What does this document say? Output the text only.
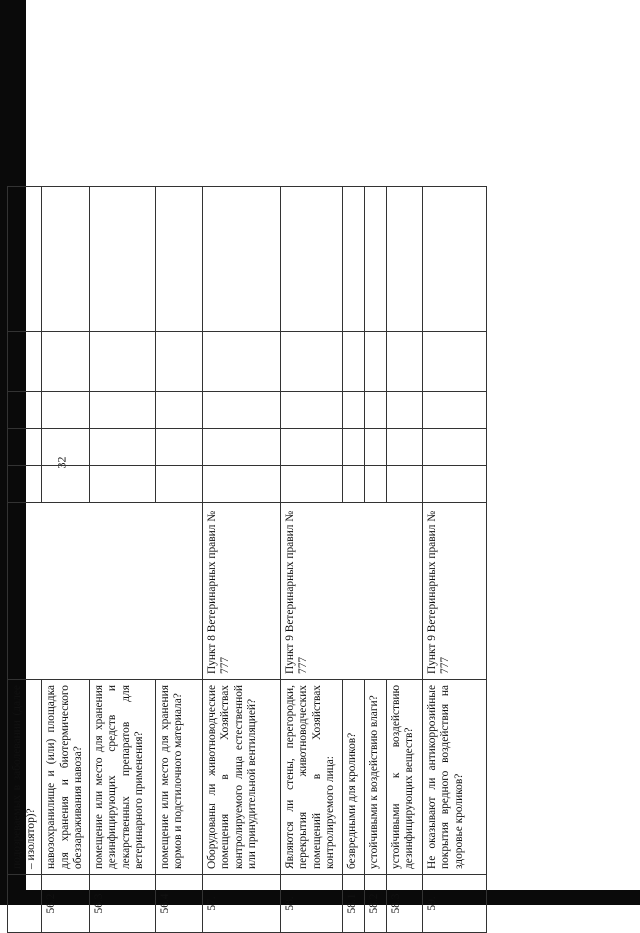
32
	подозреваемых в заболевании (далее – изолятор)?						
56.2	навозохранилище и (или) площадка для хранения и биотермического обеззараживания навоза?						
56.3	помещение или место для хранения дезинфицирующих средств и лекарственных препаратов для ветеринарного применения?						
56.4	помещение или место для хранения кормов и подстилочного материала?						
57.	Оборудованы ли животноводческие помещения в Хозяйствах контролируемого лица естественной или принудительной вентиляцией?	Пункт 8 Ветеринарных правил № 777					
58.	Являются ли стены, перегородки, перекрытия животноводческих помещений в Хозяйствах контролируемого лица:	Пункт 9 Ветеринарных правил № 777					
58.1	безвредными для кроликов?						
58.2	устойчивыми к воздействию влаги?						
58.3	устойчивыми к воздействию дезинфицирующих веществ?						
59.	Не оказывают ли антикоррозийные покрытия вредного воздействия на здоровье кроликов?	Пункт 9 Ветеринарных правил № 777					
